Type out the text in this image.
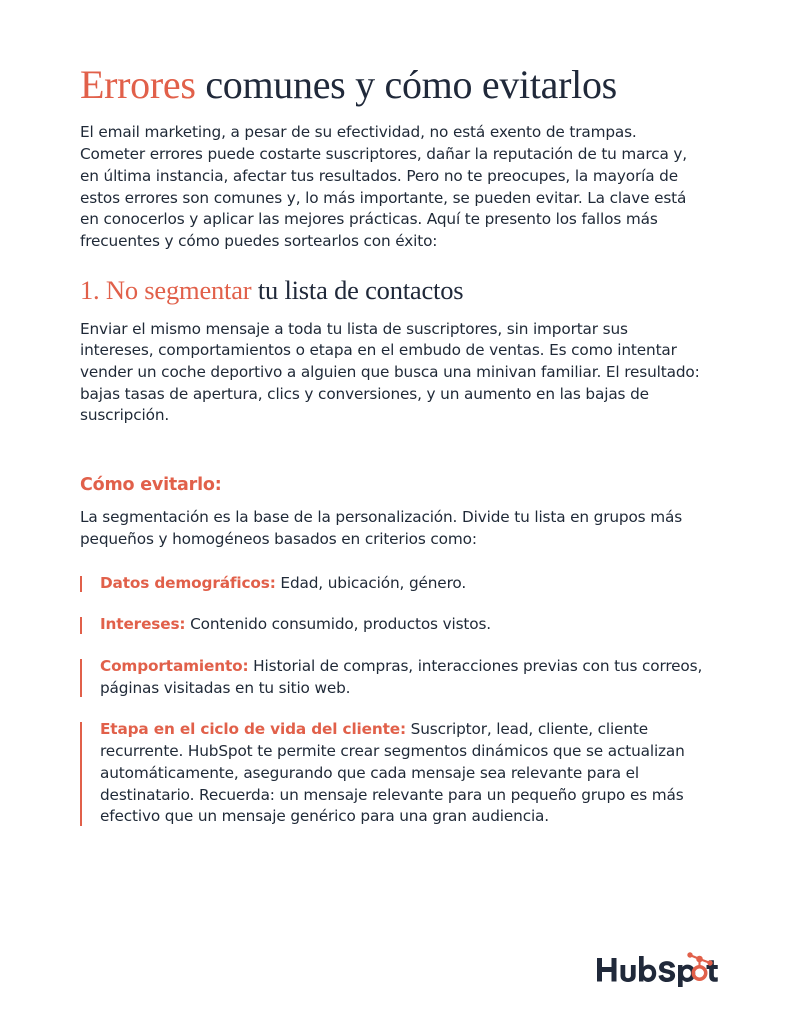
Errores comunes y cómo evitarlos

El email marketing, a pesar de su efectividad, no está exento de trampas. Cometer errores puede costarte suscriptores, dañar la reputación de tu marca y, en última instancia, afectar tus resultados. Pero no te preocupes, la mayoría de estos errores son comunes y, lo más importante, se pueden evitar. La clave está en conocerlos y aplicar las mejores prácticas. Aquí te presento los fallos más frecuentes y cómo puedes sortearlos con éxito:

1. No segmentar tu lista de contactos

Enviar el mismo mensaje a toda tu lista de suscriptores, sin importar sus intereses, comportamientos o etapa en el embudo de ventas. Es como intentar vender un coche deportivo a alguien que busca una minivan familiar. El resultado: bajas tasas de apertura, clics y conversiones, y un aumento en las bajas de suscripción.

Cómo evitarlo:

La segmentación es la base de la personalización. Divide tu lista en grupos más pequeños y homogéneos basados en criterios como:

Datos demográficos: Edad, ubicación, género.
Intereses: Contenido consumido, productos vistos.
Comportamiento: Historial de compras, interacciones previas con tus correos, páginas visitadas en tu sitio web.
Etapa en el ciclo de vida del cliente: Suscriptor, lead, cliente, cliente recurrente. HubSpot te permite crear segmentos dinámicos que se actualizan automáticamente, asegurando que cada mensaje sea relevante para el destinatario. Recuerda: un mensaje relevante para un pequeño grupo es más efectivo que un mensaje genérico para una gran audiencia.
